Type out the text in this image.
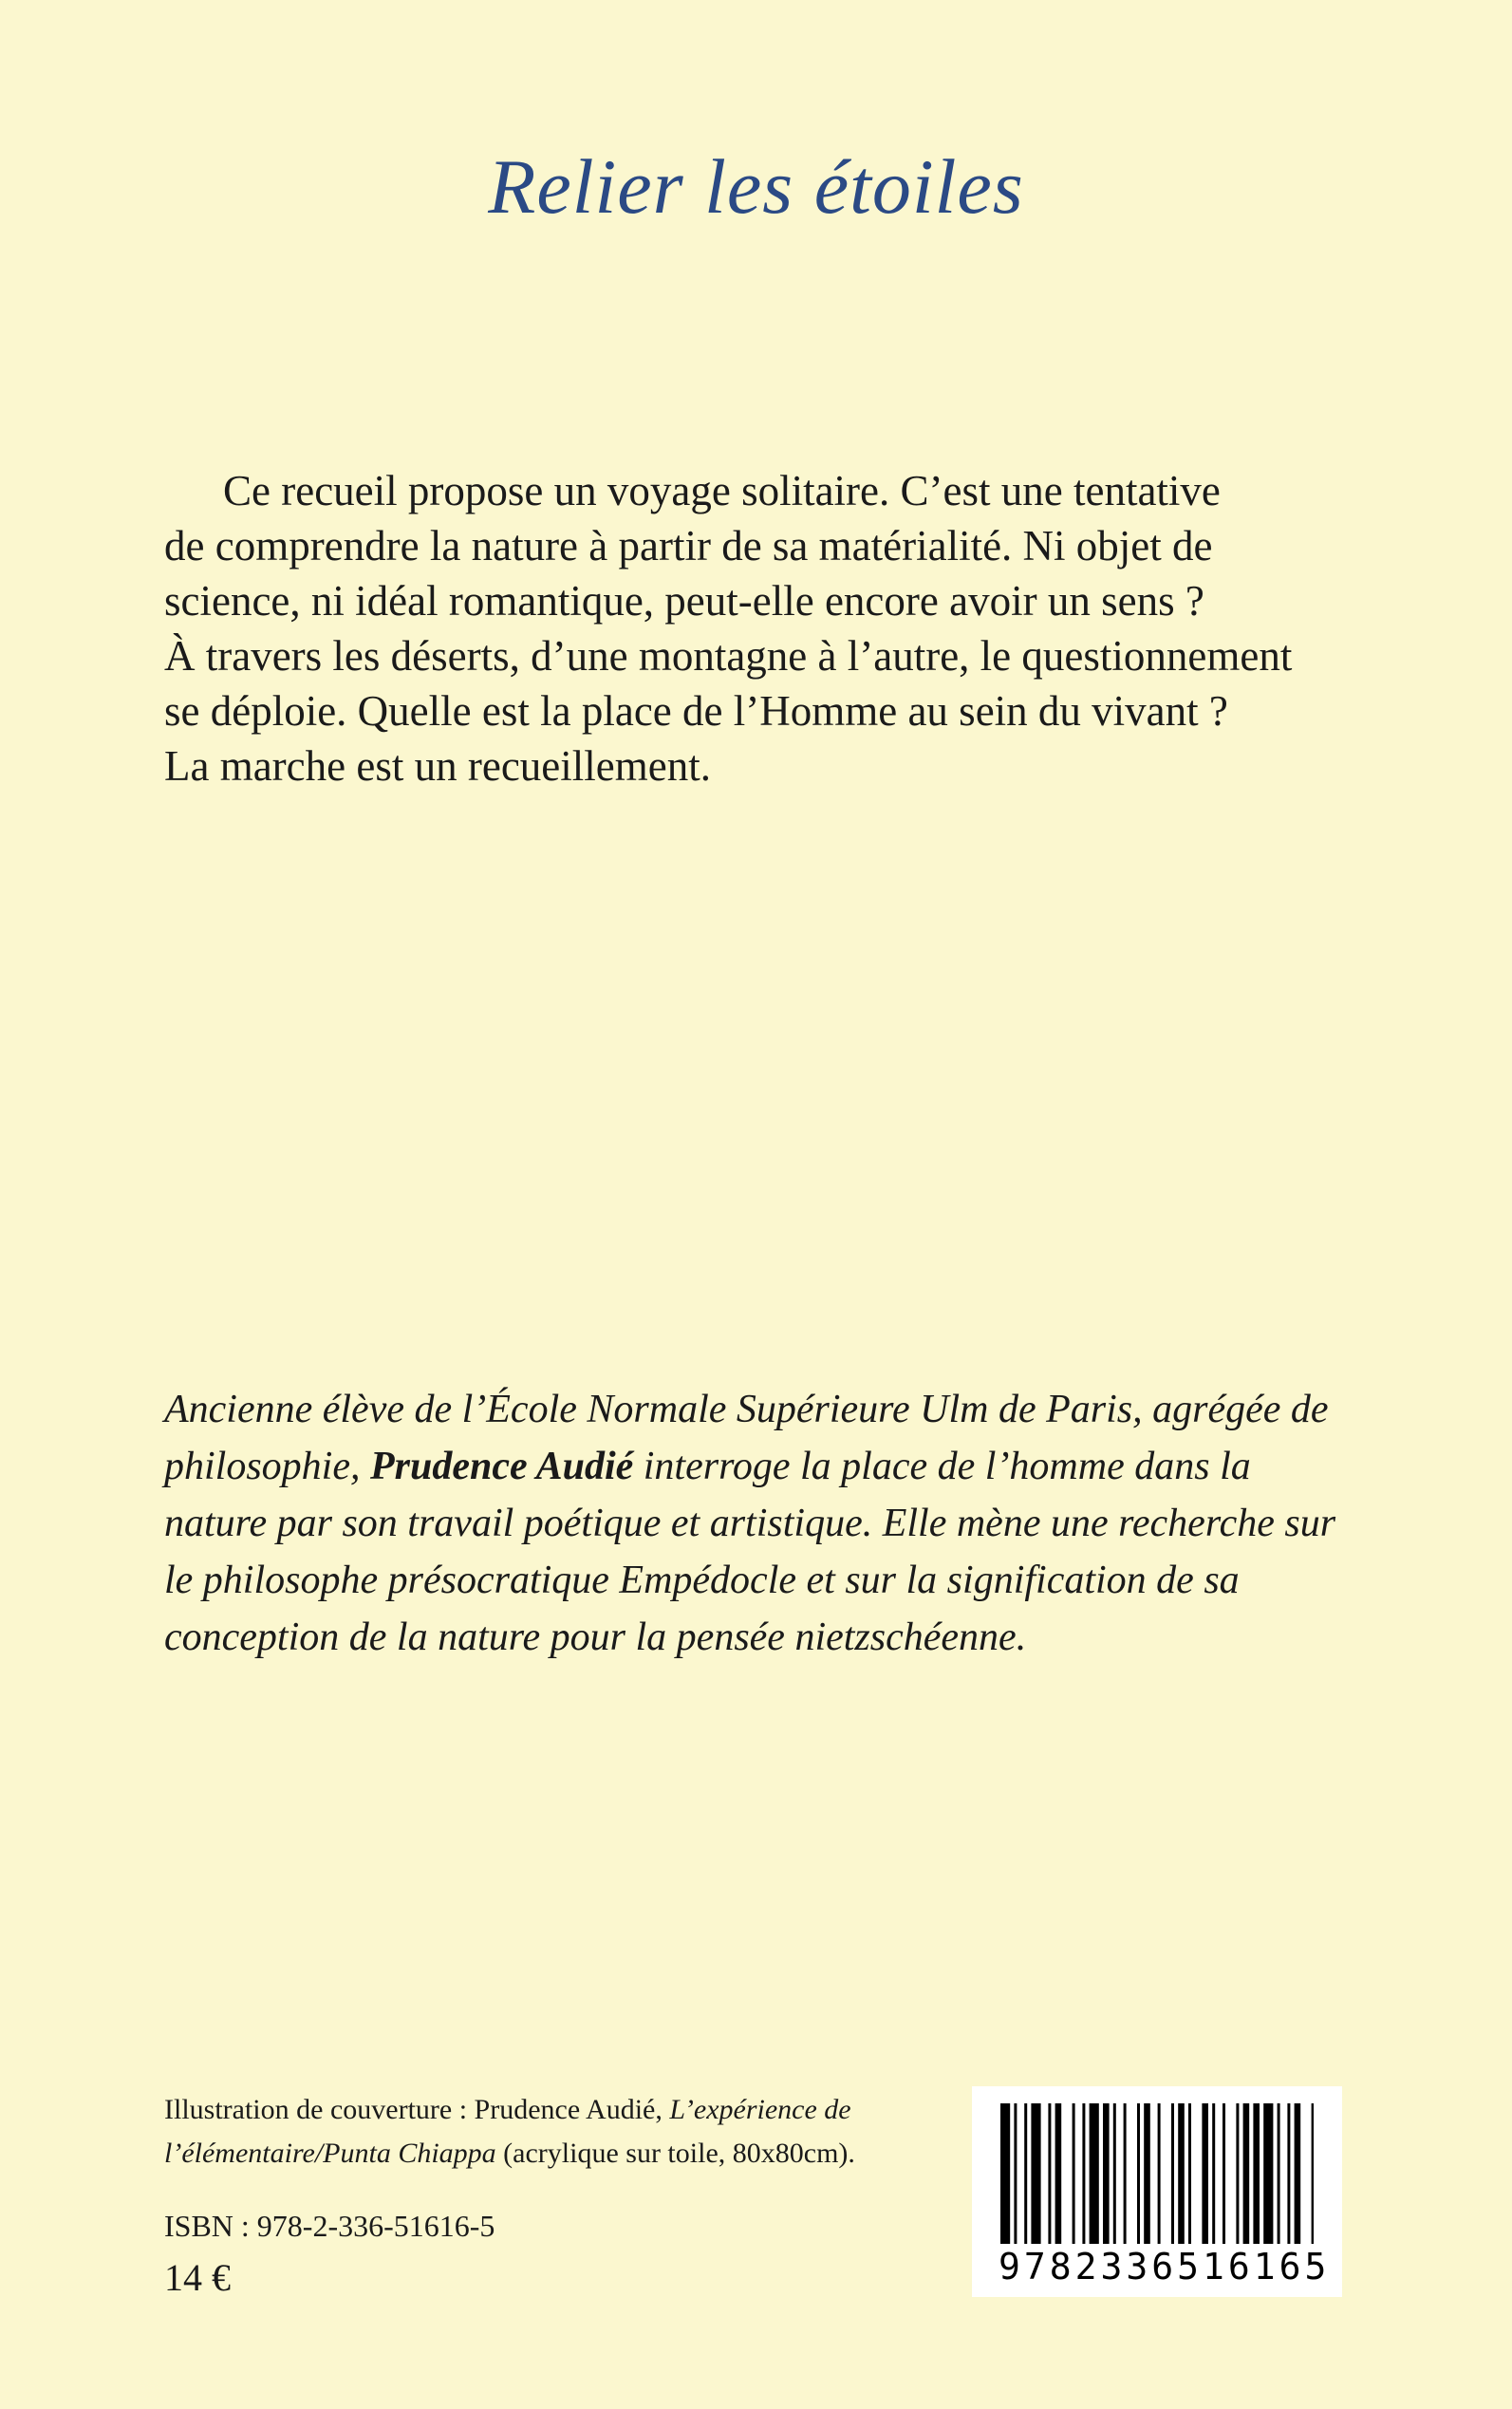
Relier les étoiles

Ce recueil propose un voyage solitaire. C’est une tentative

de comprendre la nature à partir de sa matérialité. Ni objet de

science, ni idéal romantique, peut-elle encore avoir un sens ?

À travers les déserts, d’une montagne à l’autre, le questionnement

se déploie. Quelle est la place de l’Homme au sein du vivant ?

La marche est un recueillement.

Ancienne élève de l’École Normale Supérieure Ulm de Paris, agrégée de philosophie, Prudence Audié interroge la place de l’homme dans la nature par son travail poétique et artistique. Elle mène une recherche sur le philosophe présocratique Empédocle et sur la signification de sa conception de la nature pour la pensée nietzschéenne.

Illustration de couverture : Prudence Audié, L’expérience de l’élémentaire/Punta Chiappa (acrylique sur toile, 80x80cm).
ISBN : 978-2-336-51616-5
14 €	9782336516165
